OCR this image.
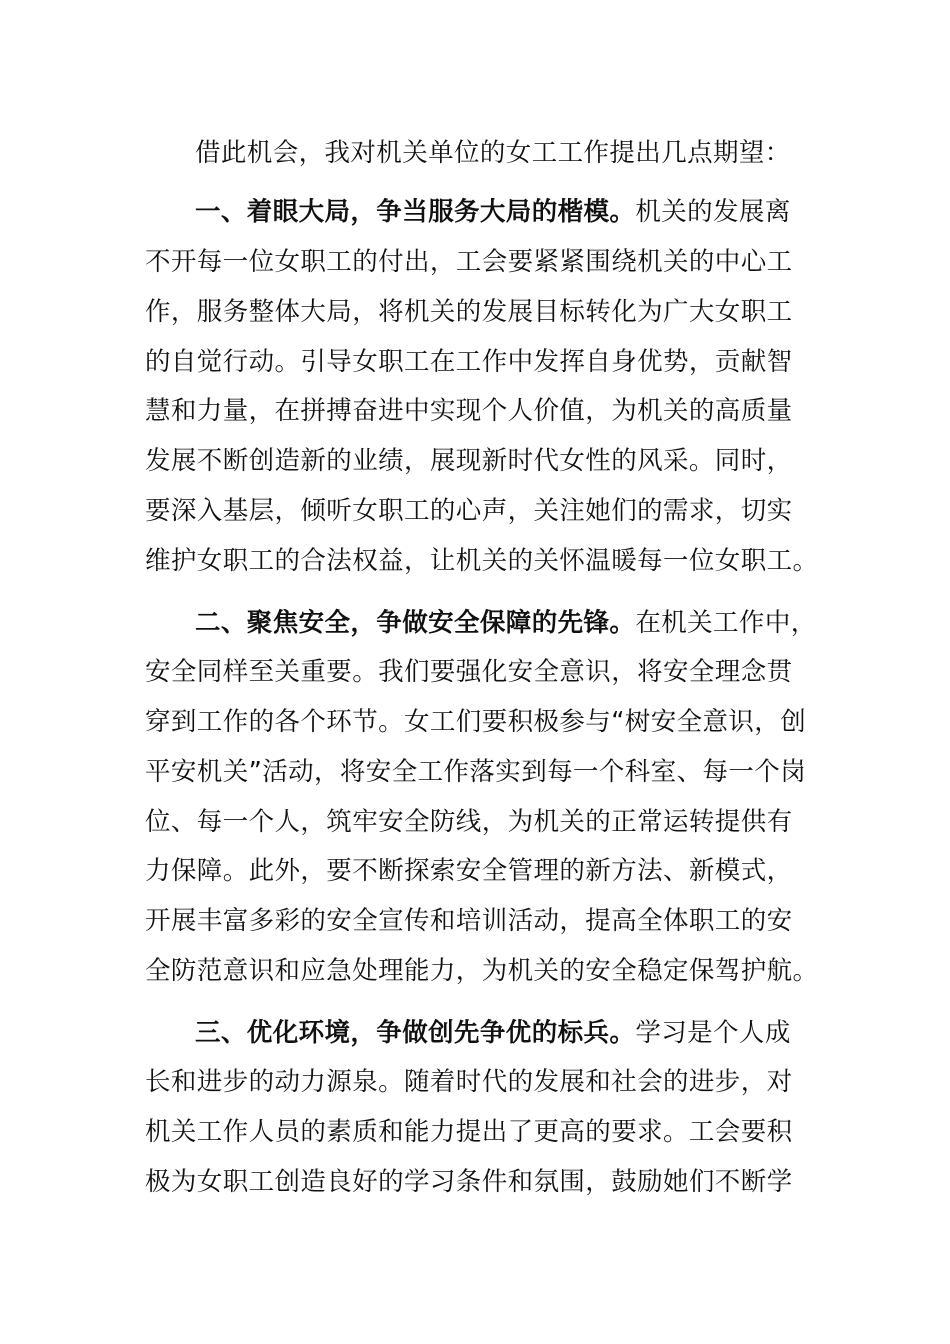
借此机会，我对机关单位的女工工作提出几点期望：
一、着眼大局，争当服务大局的楷模。机关的发展离
不开每一位女职工的付出，工会要紧紧围绕机关的中心工
作，服务整体大局，将机关的发展目标转化为广大女职工
的自觉行动。引导女职工在工作中发挥自身优势，贡献智
慧和力量，在拼搏奋进中实现个人价值，为机关的高质量
发展不断创造新的业绩，展现新时代女性的风采。同时，
要深入基层，倾听女职工的心声，关注她们的需求，切实
维护女职工的合法权益，让机关的关怀温暖每一位女职工。
二、聚焦安全，争做安全保障的先锋。在机关工作中，
安全同样至关重要。我们要强化安全意识，将安全理念贯
穿到工作的各个环节。女工们要积极参与“树安全意识，创
平安机关”活动，将安全工作落实到每一个科室、每一个岗
位、每一个人，筑牢安全防线，为机关的正常运转提供有
力保障。此外，要不断探索安全管理的新方法、新模式，
开展丰富多彩的安全宣传和培训活动，提高全体职工的安
全防范意识和应急处理能力，为机关的安全稳定保驾护航。
三、优化环境，争做创先争优的标兵。学习是个人成
长和进步的动力源泉。随着时代的发展和社会的进步，对
机关工作人员的素质和能力提出了更高的要求。工会要积
极为女职工创造良好的学习条件和氛围，鼓励她们不断学
